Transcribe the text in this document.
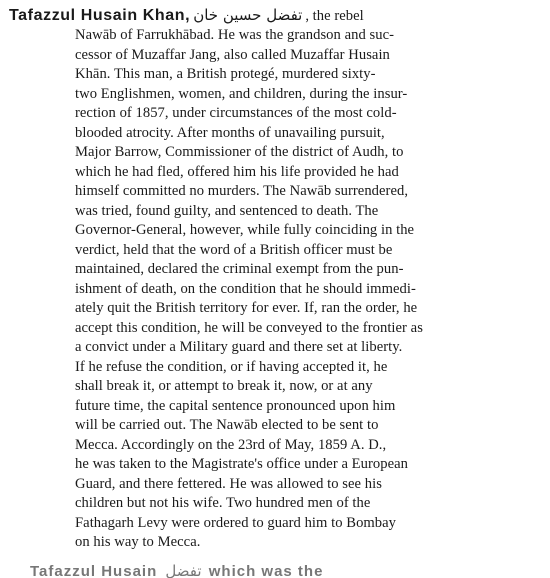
Tafazzul Husain Khan, تفضل حسین خان , the rebel
Nawāb of Farrukhābad. He was the grandson and suc-
cessor of Muzaffar Jang, also called Muzaffar Husain
Khān. This man, a British protegé, murdered sixty-
two Englishmen, women, and children, during the insur-
rection of 1857, under circumstances of the most cold-
blooded atrocity. After months of unavailing pursuit,
Major Barrow, Commissioner of the district of Audh, to
which he had fled, offered him his life provided he had
himself committed no murders. The Nawāb surrendered,
was tried, found guilty, and sentenced to death. The
Governor-General, however, while fully coinciding in the
verdict, held that the word of a British officer must be
maintained, declared the criminal exempt from the pun-
ishment of death, on the condition that he should immedi-
ately quit the British territory for ever. If, ran the order, he
accept this condition, he will be conveyed to the frontier as
a convict under a Military guard and there set at liberty.
If he refuse the condition, or if having accepted it, he
shall break it, or attempt to break it, now, or at any
future time, the capital sentence pronounced upon him
will be carried out. The Nawāb elected to be sent to
Mecca. Accordingly on the 23rd of May, 1859 A. D.,
he was taken to the Magistrate's office under a European
Guard, and there fettered. He was allowed to see his
children but not his wife. Two hundred men of the
Fathagarh Levy were ordered to guard him to Bombay
on his way to Mecca.
Tafazzul Husain تفضل which was the
